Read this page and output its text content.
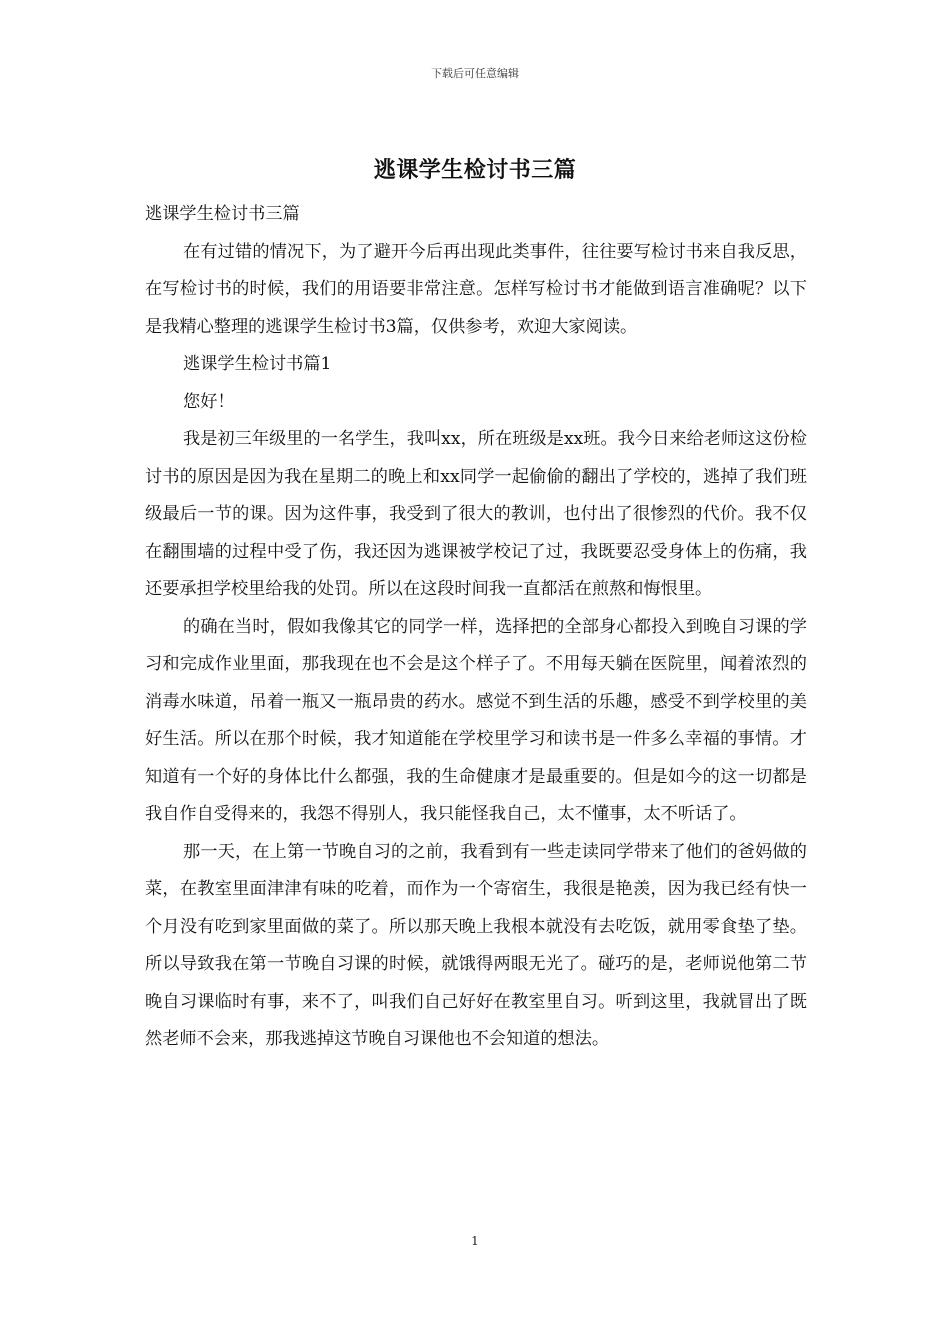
下载后可任意编辑
逃课学生检讨书三篇

逃课学生检讨书三篇

在有过错的情况下，为了避开今后再出现此类事件，往往要写检讨书来自我反思，在写检讨书的时候，我们的用语要非常注意。怎样写检讨书才能做到语言准确呢？以下是我精心整理的逃课学生检讨书3篇，仅供参考，欢迎大家阅读。

逃课学生检讨书篇1

您好！

我是初三年级里的一名学生，我叫xx，所在班级是xx班。我今日来给老师这这份检讨书的原因是因为我在星期二的晚上和xx同学一起偷偷的翻出了学校的，逃掉了我们班级最后一节的课。因为这件事，我受到了很大的教训，也付出了很惨烈的代价。我不仅在翻围墙的过程中受了伤，我还因为逃课被学校记了过，我既要忍受身体上的伤痛，我还要承担学校里给我的处罚。所以在这段时间我一直都活在煎熬和悔恨里。

的确在当时，假如我像其它的同学一样，选择把的全部身心都投入到晚自习课的学习和完成作业里面，那我现在也不会是这个样子了。不用每天躺在医院里，闻着浓烈的消毒水味道，吊着一瓶又一瓶昂贵的药水。感觉不到生活的乐趣，感受不到学校里的美好生活。所以在那个时候，我才知道能在学校里学习和读书是一件多么幸福的事情。才知道有一个好的身体比什么都强，我的生命健康才是最重要的。但是如今的这一切都是我自作自受得来的，我怨不得别人，我只能怪我自己，太不懂事，太不听话了。

那一天，在上第一节晚自习的之前，我看到有一些走读同学带来了他们的爸妈做的菜，在教室里面津津有味的吃着，而作为一个寄宿生，我很是艳羡，因为我已经有快一个月没有吃到家里面做的菜了。所以那天晚上我根本就没有去吃饭，就用零食垫了垫。所以导致我在第一节晚自习课的时候，就饿得两眼无光了。碰巧的是，老师说他第二节晚自习课临时有事，来不了，叫我们自己好好在教室里自习。听到这里，我就冒出了既然老师不会来，那我逃掉这节晚自习课他也不会知道的想法。

1
